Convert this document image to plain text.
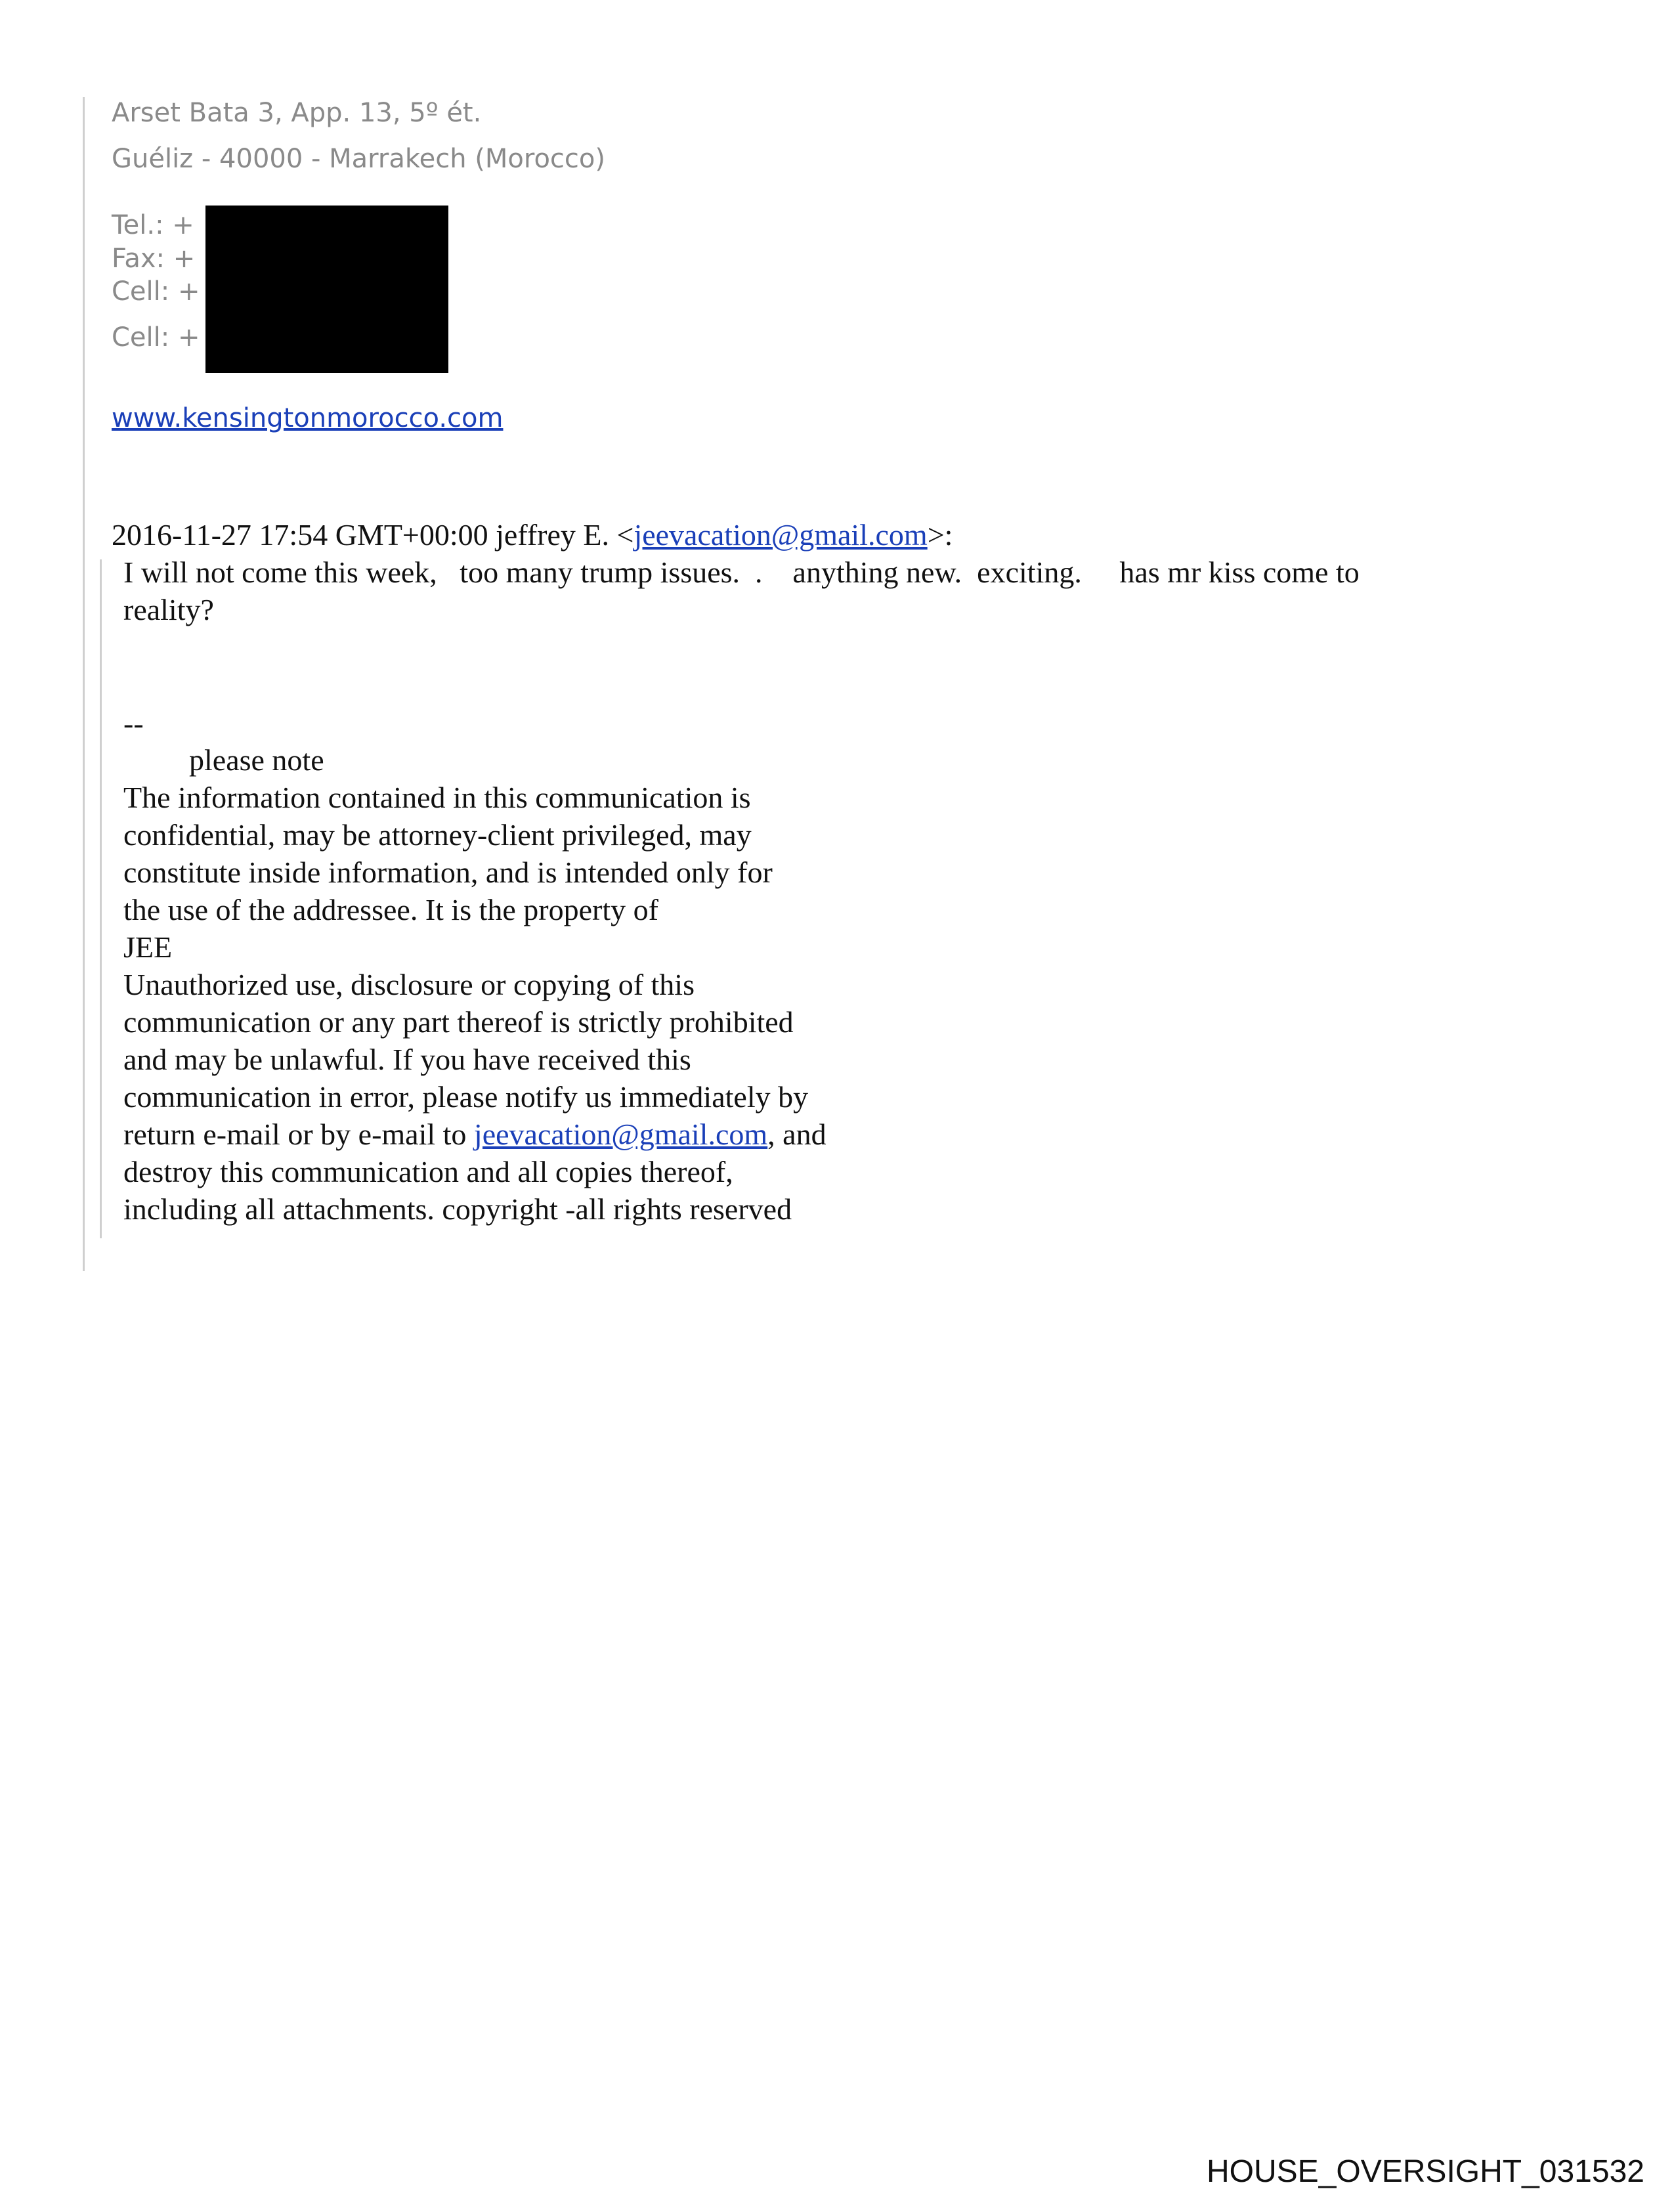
Arset Bata 3, App. 13, 5º ét.
Guéliz - 40000 - Marrakech (Morocco)
Tel.: +
Fax: +
Cell: +
Cell: +
www.kensingtonmorocco.com
2016-11-27 17:54 GMT+00:00 jeffrey E. <jeevacation@gmail.com>:
I will not come this week,   too many trump issues.  .    anything new.  exciting.     has mr kiss come to
reality?
--
please note
The information contained in this communication is
confidential, may be attorney-client privileged, may
constitute inside information, and is intended only for
the use of the addressee. It is the property of
JEE
Unauthorized use, disclosure or copying of this
communication or any part thereof is strictly prohibited
and may be unlawful. If you have received this
communication in error, please notify us immediately by
return e-mail or by e-mail to jeevacation@gmail.com, and
destroy this communication and all copies thereof,
including all attachments. copyright -all rights reserved
HOUSE_OVERSIGHT_031532
